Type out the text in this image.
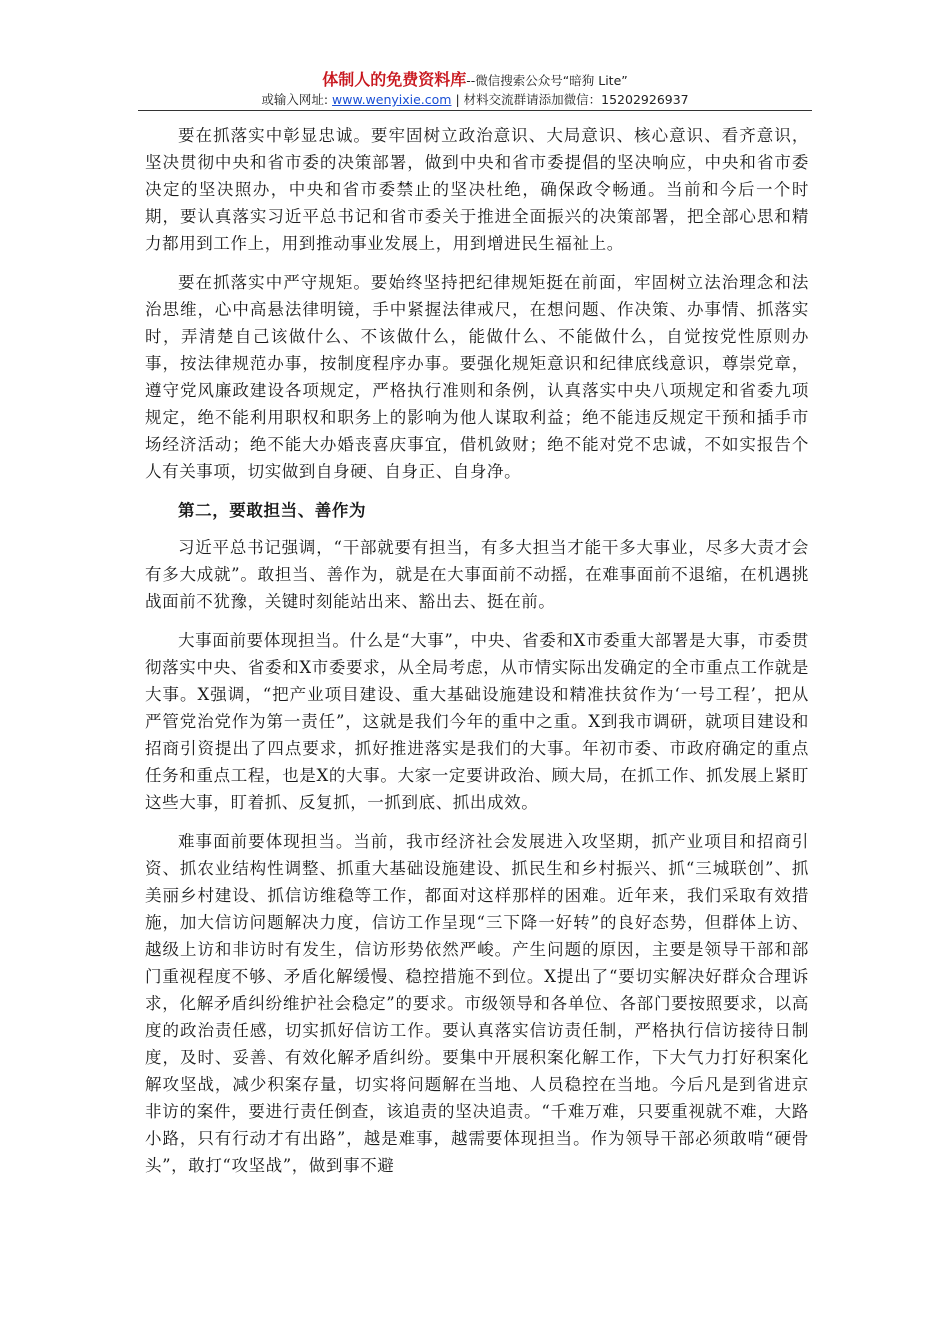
体制人的免费资料库--微信搜索公众号“暗狗 Lite”
或输入网址: www.wenyixie.com | 材料交流群请添加微信：15202926937

要在抓落实中彰显忠诚。要牢固树立政治意识、大局意识、核心意识、看齐意识，坚决贯彻中央和省市委的决策部署，做到中央和省市委提倡的坚决响应，中央和省市委决定的坚决照办，中央和省市委禁止的坚决杜绝，确保政令畅通。当前和今后一个时期，要认真落实习近平总书记和省市委关于推进全面振兴的决策部署，把全部心思和精力都用到工作上，用到推动事业发展上，用到增进民生福祉上。

要在抓落实中严守规矩。要始终坚持把纪律规矩挺在前面，牢固树立法治理念和法治思维，心中高悬法律明镜，手中紧握法律戒尺，在想问题、作决策、办事情、抓落实时，弄清楚自己该做什么、不该做什么，能做什么、不能做什么，自觉按党性原则办事，按法律规范办事，按制度程序办事。要强化规矩意识和纪律底线意识，尊崇党章，遵守党风廉政建设各项规定，严格执行准则和条例，认真落实中央八项规定和省委九项规定，绝不能利用职权和职务上的影响为他人谋取利益；绝不能违反规定干预和插手市场经济活动；绝不能大办婚丧喜庆事宜，借机敛财；绝不能对党不忠诚，不如实报告个人有关事项，切实做到自身硬、自身正、自身净。

第二，要敢担当、善作为

习近平总书记强调，“干部就要有担当，有多大担当才能干多大事业，尽多大责才会有多大成就”。敢担当、善作为，就是在大事面前不动摇，在难事面前不退缩，在机遇挑战面前不犹豫，关键时刻能站出来、豁出去、挺在前。

大事面前要体现担当。什么是“大事”，中央、省委和X市委重大部署是大事，市委贯彻落实中央、省委和X市委要求，从全局考虑，从市情实际出发确定的全市重点工作就是大事。X强调，“把产业项目建设、重大基础设施建设和精准扶贫作为‘一号工程’，把从严管党治党作为第一责任”，这就是我们今年的重中之重。X到我市调研，就项目建设和招商引资提出了四点要求，抓好推进落实是我们的大事。年初市委、市政府确定的重点任务和重点工程，也是X的大事。大家一定要讲政治、顾大局，在抓工作、抓发展上紧盯这些大事，盯着抓、反复抓，一抓到底、抓出成效。

难事面前要体现担当。当前，我市经济社会发展进入攻坚期，抓产业项目和招商引资、抓农业结构性调整、抓重大基础设施建设、抓民生和乡村振兴、抓“三城联创”、抓美丽乡村建设、抓信访维稳等工作，都面对这样那样的困难。近年来，我们采取有效措施，加大信访问题解决力度，信访工作呈现“三下降一好转”的良好态势，但群体上访、越级上访和非访时有发生，信访形势依然严峻。产生问题的原因，主要是领导干部和部门重视程度不够、矛盾化解缓慢、稳控措施不到位。X提出了“要切实解决好群众合理诉求，化解矛盾纠纷维护社会稳定”的要求。市级领导和各单位、各部门要按照要求，以高度的政治责任感，切实抓好信访工作。要认真落实信访责任制，严格执行信访接待日制度，及时、妥善、有效化解矛盾纠纷。要集中开展积案化解工作，下大气力打好积案化解攻坚战，减少积案存量，切实将问题解在当地、人员稳控在当地。今后凡是到省进京非访的案件，要进行责任倒查，该追责的坚决追责。“千难万难，只要重视就不难，大路小路，只有行动才有出路”，越是难事，越需要体现担当。作为领导干部必须敢啃“硬骨头”，敢打“攻坚战”，做到事不避
